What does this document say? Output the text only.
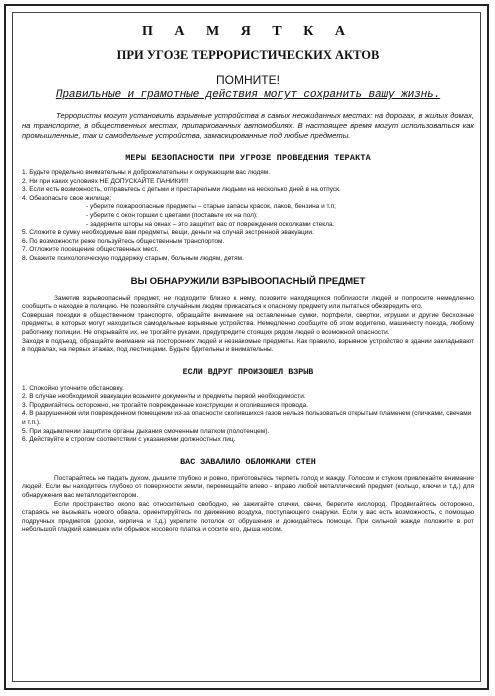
П А М Я Т К А
ПРИ УГОЗЕ ТЕРРОРИСТИЧЕСКИХ АКТОВ
ПОМНИТЕ!
Правильные и грамотные действия могут сохранить вашу жизнь.

Террористы могут установить взрывные устройства в самых неожиданных местах: на дорогах, в жилых домах, на транспорте, в общественных местах, припаркованных автомобилях. В настоящее время могут использоваться как промышленные, так и самодельные устройства, замаскированные под любые предметы.

МЕРЫ БЕЗОПАСНОСТИ ПРИ УГРОЗЕ ПРОВЕДЕНИЯ ТЕРАКТА
1. Будьте предельно внимательны и доброжелательны к окружающим вас людям.
2. Ни при каких условиях НЕ ДОПУСКАЙТЕ ПАНИКИ!!!
3. Если есть возможность, отправьтесь с детьми и престарелыми людьми на несколько дней в на отпуск.
4. Обезопасьте свое жилище:
- уберите пожароопасные предметы – старые запасы красок, лаков, бензина и т.п;
- уберите с окон горшки с цветами (поставьте их на пол);
- задерните шторы на окнах – это защитит вас от повреждения осколками стекла.
5. Сложите в сумку необходимые вам предметы, вещи, деньги на случай экстренной эвакуации.
6. По возможности реже пользуйтесь общественным транспортом.
7. Отложите посещение общественных мест.
8. Окажите психологическую поддержку старым, больным людям, детям.
ВЫ ОБНАРУЖИЛИ ВЗРЫВООПАСНЫЙ ПРЕДМЕТ

Заметив взрывоопасный предмет, не подходите близко к нему, позовите находящихся поблизости людей и попросите немедленно сообщить о находке в полицию. Не позволяйте случайным людям прикасаться к опасному предмету или пытаться обезвредить его.

Совершая поездки в общественном транспорте, обращайте внимание на оставленные сумки, портфели, свертки, игрушки и другие бесхозные предметы, в которых могут находиться самодельные взрывные устройства. Немедленно сообщите об этом водителю, машинисту поезда, любому работнику полиции. Не открывайте их, не трогайте руками, предупредите стоящих рядом людей о возможной опасности.

Заходя в подъезд, обращайте внимание на посторонних людей и незнакомые предметы. Как правило, взрывное устройство в здании закладывают в подвалах, на первых этажах, под лестницами. Будьте бдительны и внимательны.

ЕСЛИ ВДРУГ ПРОИЗОШЕЛ ВЗРЫВ
1. Спокойно уточните обстановку.
2. В случае необходимой эвакуации возьмите документы и предметы первой необходимости.
3. Продвигайтесь осторожно, не трогайте поврежденные конструкции и оголившиеся провода.
4. В разрушенном или поврежденном помещении из-за опасности скопившихся газов нельзя пользоваться открытым пламенем (спичками, свечами и т.п.).
5. При задымлении защитите органы дыхания смоченным платком (полотенцем).
6. Действуйте в строгом соответствии с указаниями должностных лиц.
ВАС ЗАВАЛИЛО ОБЛОМКАМИ СТЕН

Постарайтесь не падать духом, дышите глубоко и ровно, приготовьтесь терпеть голод и жажду. Голосом и стуком привлекайте внимание людей. Если вы находитесь глубоко от поверхности земли, перемещайте влево - вправо любой металлический предмет (кольцо, ключи и т.д.) для обнаружения вас металлодетектором.

Если пространство около вас относительно свободно, не зажигайте спички, свечи, берегите кислород. Продвигайтесь осторожно, стараясь не вызывать нового обвала, ориентируйтесь по движению воздуха, поступающего снаружи. Если у вас есть возможность, с помощью подручных предметов (доски, кирпича и т.д.) укрепите потолок от обрушения и дожидайтесь помощи. При сильной жажде положите в рот небольшой гладкий камешек или обрывок носового платка и сосите его, дыша носом.
